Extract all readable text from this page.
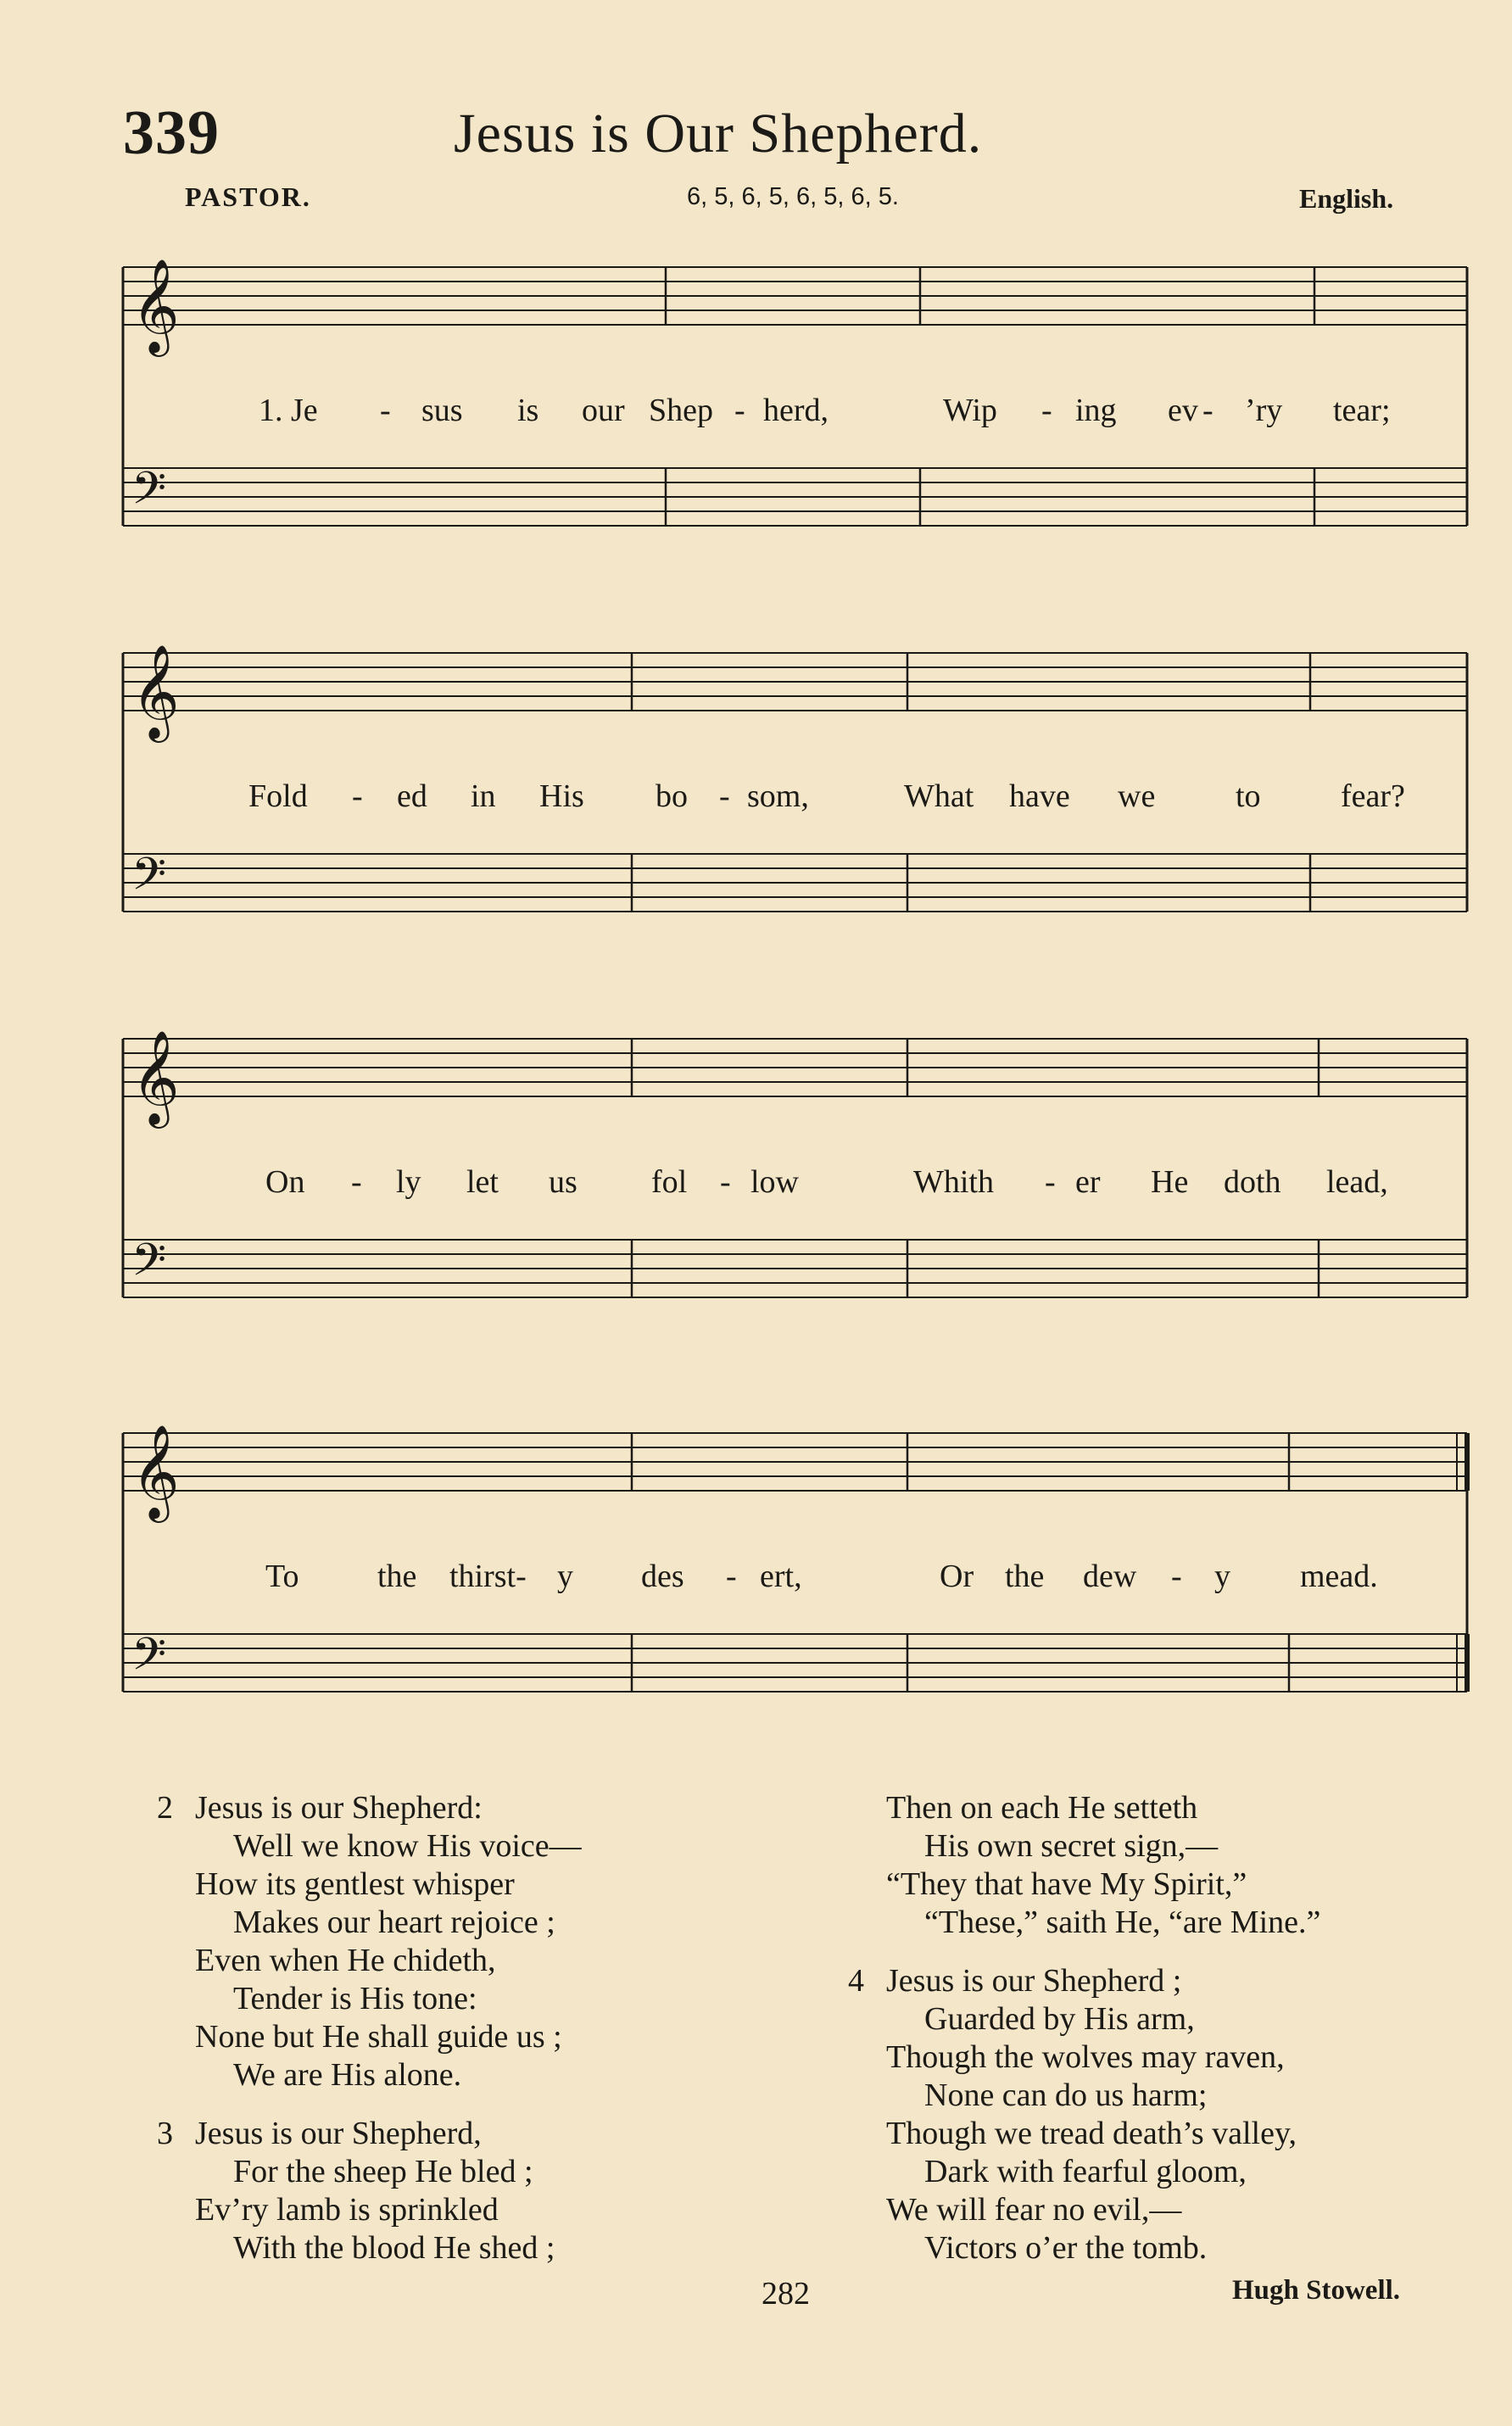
339	Jesus is Our Shepherd.
PASTOR.	6, 5, 6, 5, 6, 5, 6, 5.	English.
𝄞
𝄢
1. Je - sus is our Shep - herd,	Wip - ing ev - ’ry tear;
𝄞
𝄢
Fold - ed in His bo - som,	What have we to fear?
𝄞
𝄢
On - ly let us fol - low	Whith - er He doth lead,
𝄞
𝄢
To the thirst- y des - ert,	Or the dew - y mead.
2 Jesus is our Shepherd:
Well we know His voice—
How its gentlest whisper
Makes our heart rejoice ;
Even when He chideth,
Tender is His tone:
None but He shall guide us ;
We are His alone.
3 Jesus is our Shepherd,
For the sheep He bled ;
Ev’ry lamb is sprinkled
With the blood He shed ;
Then on each He setteth
His own secret sign,—
“They that have My Spirit,”
“These,” saith He, “are Mine.”
4 Jesus is our Shepherd ;
Guarded by His arm,
Though the wolves may raven,
None can do us harm;
Though we tread death’s valley,
Dark with fearful gloom,
We will fear no evil,—
Victors o’er the tomb.
282	Hugh Stowell.
